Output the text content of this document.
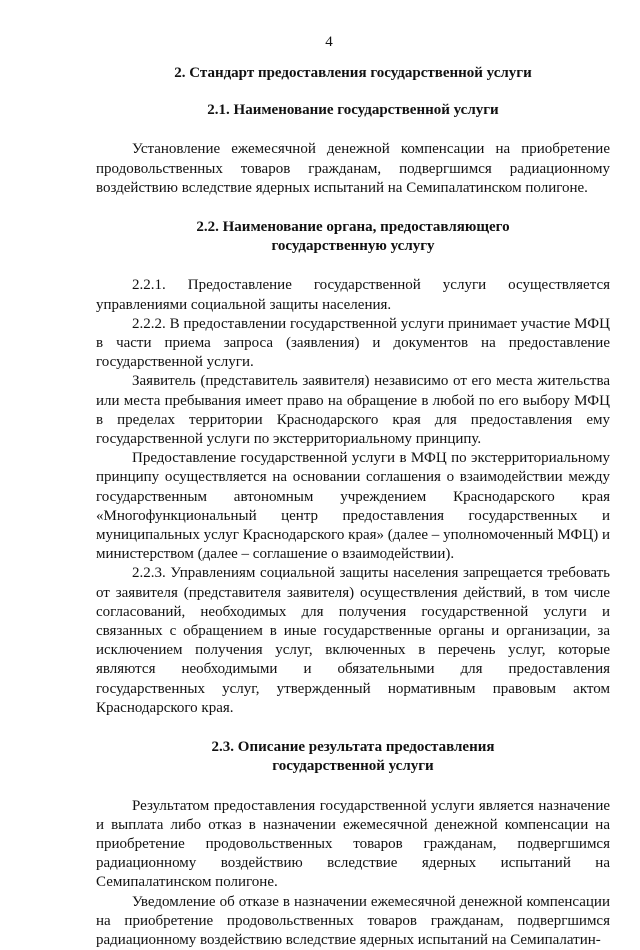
4

2. Стандарт предоставления государственной услуги

2.1. Наименование государственной услуги

Установление ежемесячной денежной компенсации на приобретение продовольственных товаров гражданам, подвергшимся радиационному воздействию вследствие ядерных испытаний на Семипалатинском полигоне.

2.2. Наименование органа, предоставляющего
государственную услугу

2.2.1. Предоставление государственной услуги осуществляется управлениями социальной защиты населения.

2.2.2. В предоставлении государственной услуги принимает участие МФЦ в части приема запроса (заявления) и документов на предоставление государственной услуги.

Заявитель (представитель заявителя) независимо от его места жительства или места пребывания имеет право на обращение в любой по его выбору МФЦ в пределах территории Краснодарского края для предоставления ему государственной услуги по экстерриториальному принципу.

Предоставление государственной услуги в МФЦ по экстерриториальному принципу осуществляется на основании соглашения о взаимодействии между государственным автономным учреждением Краснодарского края «Многофункциональный центр предоставления государственных и муниципальных услуг Краснодарского края» (далее – уполномоченный МФЦ) и министерством (далее – соглашение о взаимодействии).

2.2.3. Управлениям социальной защиты населения запрещается требовать от заявителя (представителя заявителя) осуществления действий, в том числе согласований, необходимых для получения государственной услуги и связанных с обращением в иные государственные органы и организации, за исключением получения услуг, включенных в перечень услуг, которые являются необходимыми и обязательными для предоставления государственных услуг, утвержденный нормативным правовым актом Краснодарского края.

2.3. Описание результата предоставления
государственной услуги

Результатом предоставления государственной услуги является назначение и выплата либо отказ в назначении ежемесячной денежной компенсации на приобретение продовольственных товаров гражданам, подвергшимся радиационному воздействию вследствие ядерных испытаний на Семипалатинском полигоне.

Уведомление об отказе в назначении ежемесячной денежной компенсации на приобретение продовольственных товаров гражданам, подвергшимся радиационному воздействию вследствие ядерных испытаний на Семипалатин-
